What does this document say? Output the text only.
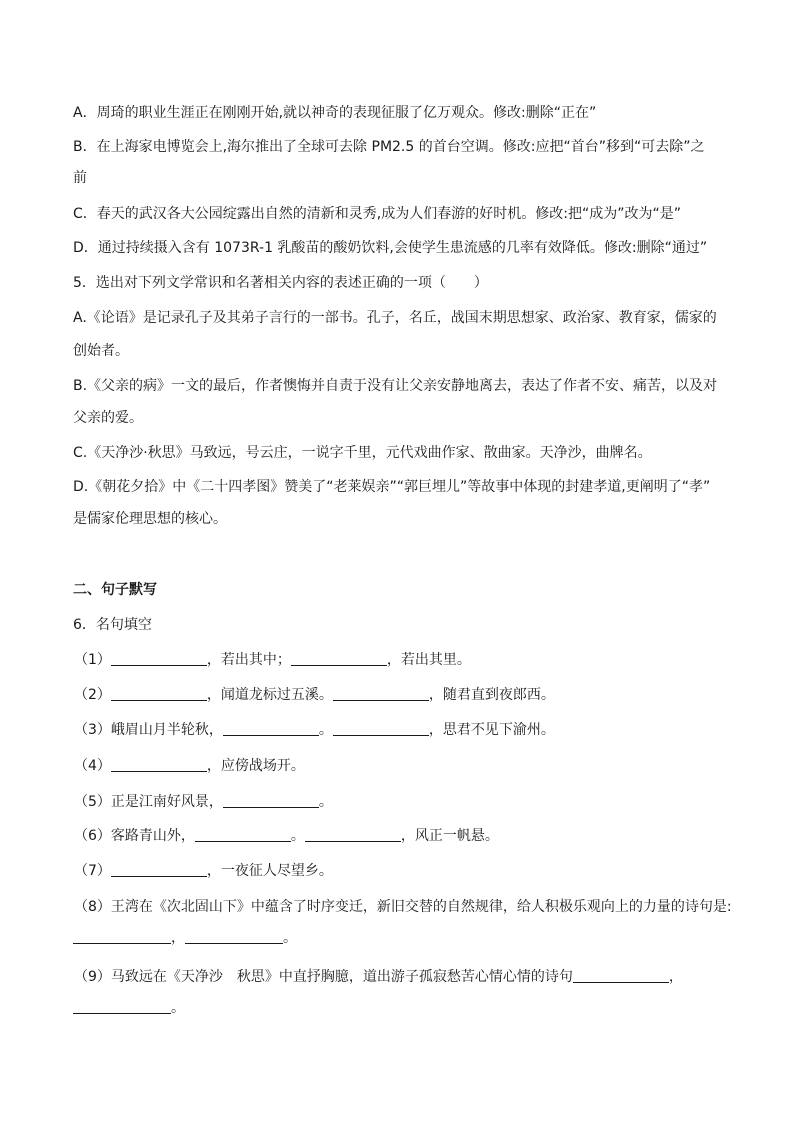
A．周琦的职业生涯正在刚刚开始,就以神奇的表现征服了亿万观众。修改:删除“正在”
B．在上海家电博览会上,海尔推出了全球可去除 PM2.5 的首台空调。修改:应把“首台”移到“可去除”之
前
C．春天的武汉各大公园绽露出自然的清新和灵秀,成为人们春游的好时机。修改:把“成为”改为“是”
D．通过持续摄入含有 1073R-1 乳酸苗的酸奶饮料,会使学生患流感的几率有效降低。修改:删除“通过”
5．选出对下列文学常识和名著相关内容的表述正确的一项（　　）
A.《论语》是记录孔子及其弟子言行的一部书。孔子，名丘，战国末期思想家、政治家、教育家，儒家的
创始者。
B.《父亲的病》一文的最后，作者懊悔并自责于没有让父亲安静地离去，表达了作者不安、痛苦，以及对
父亲的爱。
C.《天净沙·秋思》马致远，号云庄，一说字千里，元代戏曲作家、散曲家。天净沙，曲牌名。
D.《朝花夕拾》中《二十四孝图》赞美了“老莱娱亲”“郭巨埋儿”等故事中体现的封建孝道,更阐明了“孝”
是儒家伦理思想的核心。
二、句子默写
6．名句填空
（1）	，若出其中；	，若出其里。
（2）	，闻道龙标过五溪。	，随君直到夜郎西。
（3）峨眉山月半轮秋，	。	，思君不见下渝州。
（4）	，应傍战场开。
（5）正是江南好风景，	。
（6）客路青山外，	。	，风正一帆悬。
（7）	，一夜征人尽望乡。
（8）王湾在《次北固山下》中蕴含了时序变迁，新旧交替的自然规律，给人积极乐观向上的力量的诗句是:
，	。
（9）马致远在《天净沙　秋思》中直抒胸臆，道出游子孤寂愁苦心情心情的诗句	，
。
